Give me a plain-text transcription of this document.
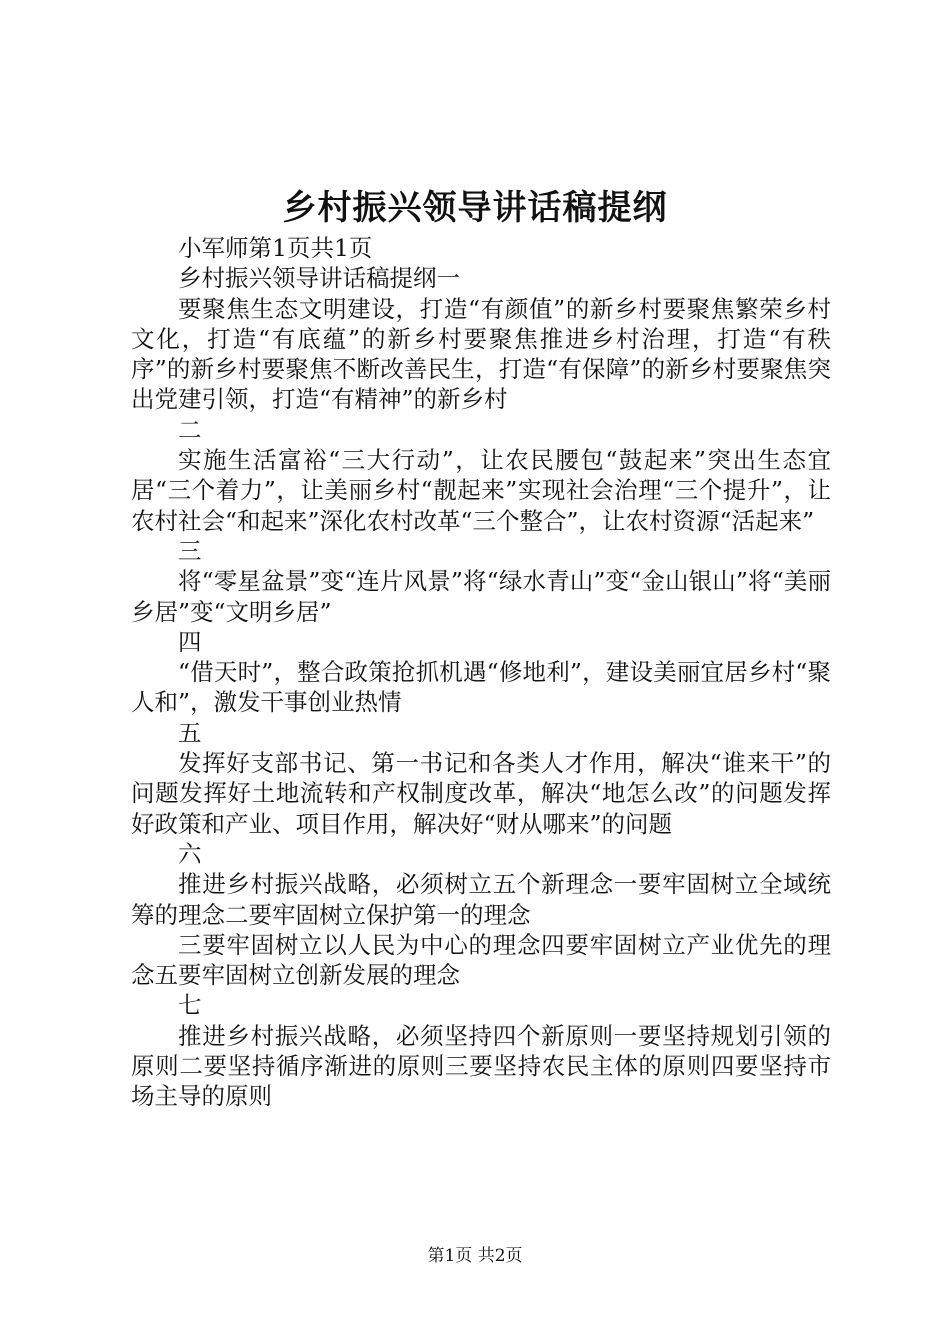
乡村振兴领导讲话稿提纲

小军师第1页共1页

乡村振兴领导讲话稿提纲一

要聚焦生态文明建设，打造“有颜值”的新乡村要聚焦繁荣乡村文化，打造“有底蕴”的新乡村要聚焦推进乡村治理，打造“有秩序”的新乡村要聚焦不断改善民生，打造“有保障”的新乡村要聚焦突出党建引领，打造“有精神”的新乡村

二

实施生活富裕“三大行动”，让农民腰包“鼓起来”突出生态宜居“三个着力”，让美丽乡村“靓起来”实现社会治理“三个提升”，让农村社会“和起来”深化农村改革“三个整合”，让农村资源“活起来”

三

将“零星盆景”变“连片风景”将“绿水青山”变“金山银山”将“美丽乡居”变“文明乡居”

四

“借天时”，整合政策抢抓机遇“修地利”，建设美丽宜居乡村“聚人和”，激发干事创业热情

五

发挥好支部书记、第一书记和各类人才作用，解决“谁来干”的问题发挥好土地流转和产权制度改革，解决“地怎么改”的问题发挥好政策和产业、项目作用，解决好“财从哪来”的问题

六

推进乡村振兴战略，必须树立五个新理念一要牢固树立全域统筹的理念二要牢固树立保护第一的理念

三要牢固树立以人民为中心的理念四要牢固树立产业优先的理念五要牢固树立创新发展的理念

七

推进乡村振兴战略，必须坚持四个新原则一要坚持规划引领的原则二要坚持循序渐进的原则三要坚持农民主体的原则四要坚持市场主导的原则

第1页 共2页
